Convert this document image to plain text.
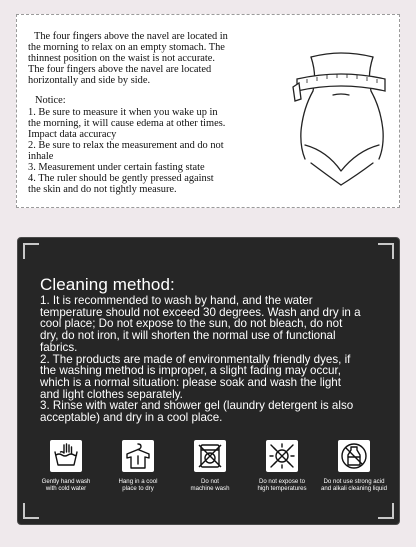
The four fingers above the navel are located in

the morning to relax on an empty stomach. The

thinnest position on the waist is not accurate.

The four fingers above the navel are located

horizontally and side by side.

Notice:

1. Be sure to measure it when you wake up in

the morning, it will cause edema at other times.

Impact data accuracy

2. Be sure to relax the measurement and do not

inhale

3. Measurement under certain fasting state

4. The ruler should be gently pressed against

the skin and do not tightly measure.

Cleaning method:

1. It is recommended to wash by hand, and the water

temperature should not exceed 30 degrees. Wash and dry in a

cool place; Do not expose to the sun, do not bleach, do not

dry, do not iron, it will shorten the normal use of functional

fabrics.

2. The products are made of environmentally friendly dyes, if

the washing method is improper, a slight fading may occur,

which is a normal situation: please soak and wash the light

and light clothes separately.

3. Rinse with water and shower gel (laundry detergent is also

acceptable) and dry in a cool place.

Gently hand wash
with cold water
Hang in a cool
place to dry
Do not
machine wash
Do not expose to
high temperatures
Do not use strong acid
and alkali cleaning liquid
